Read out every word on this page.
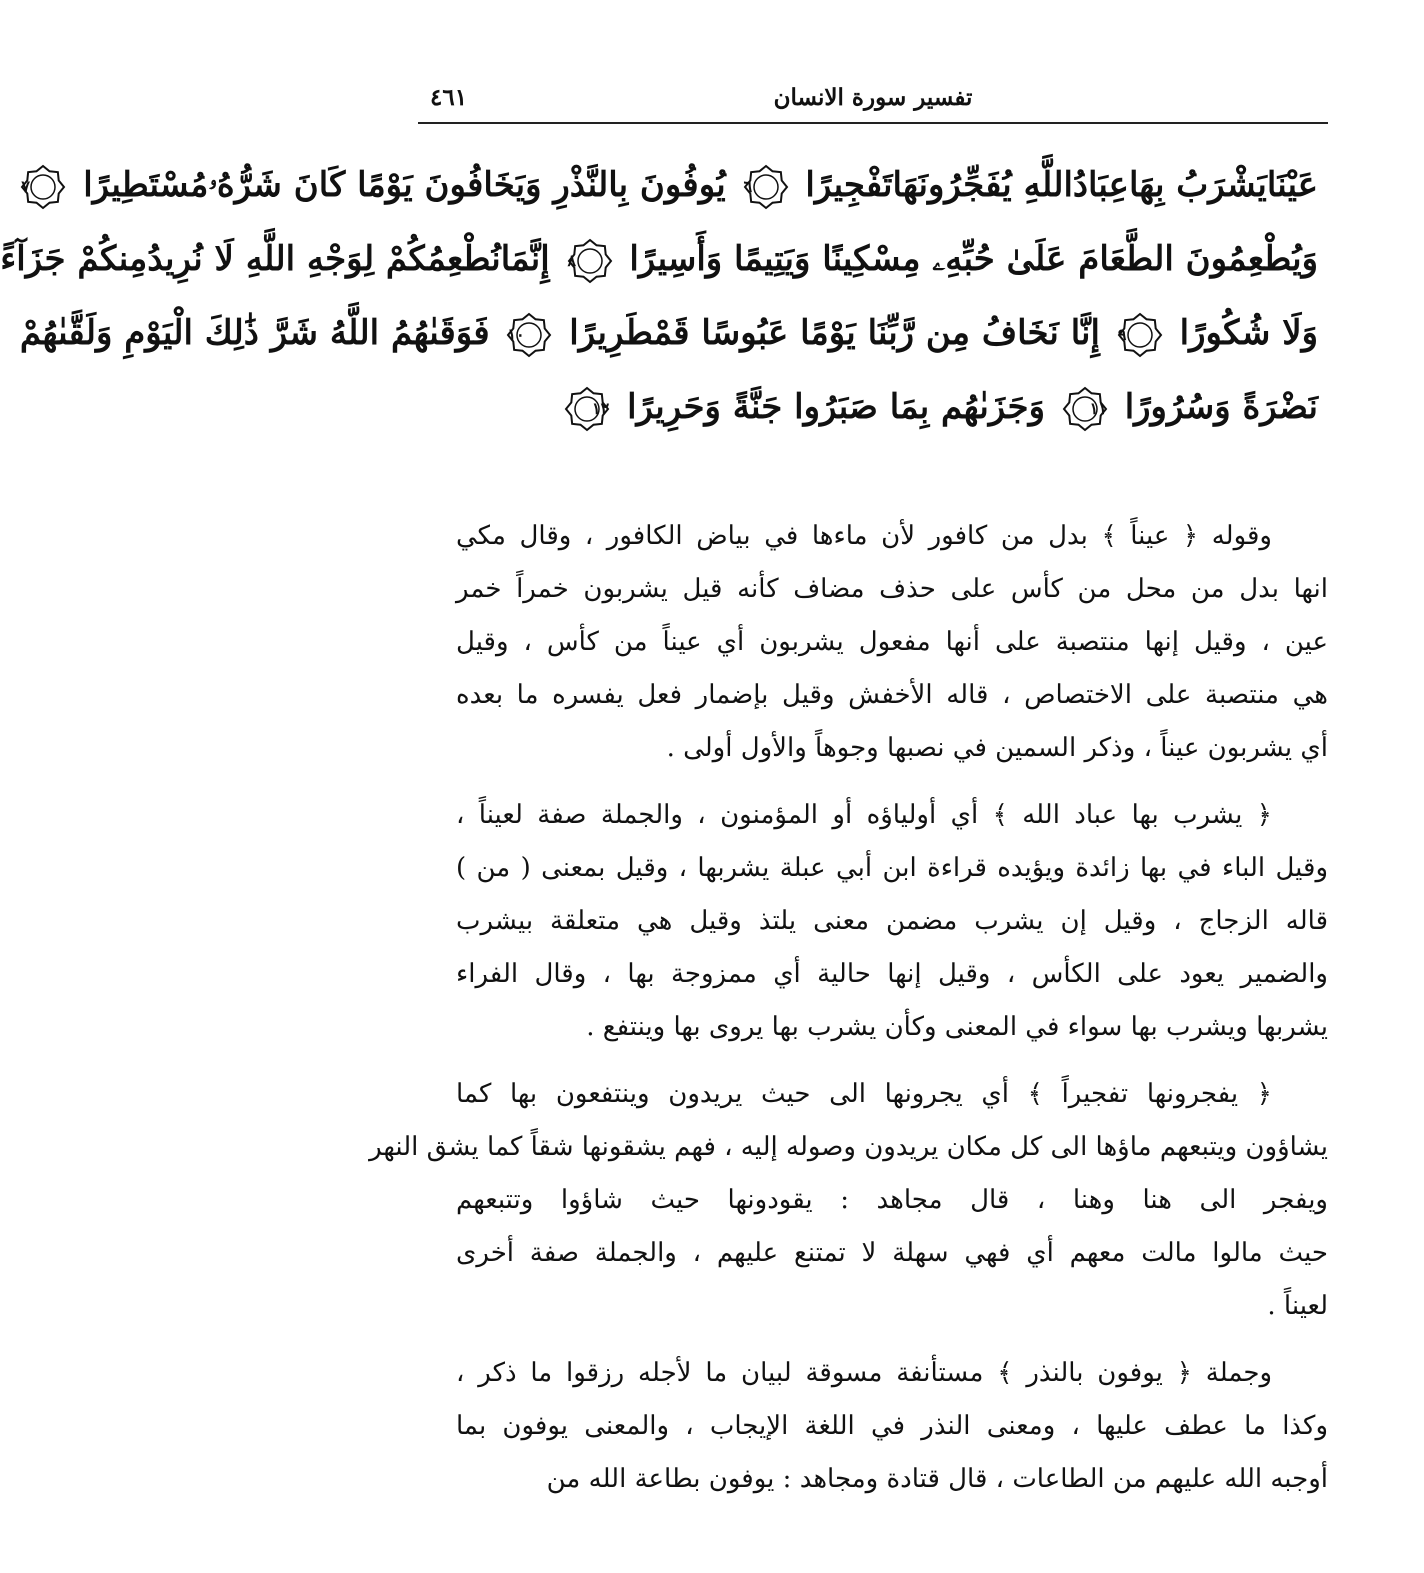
تفسير سورة الانسان
٤٦١
عَيْنَايَشْرَبُ بِهَاعِبَادُاللَّهِ يُفَجِّرُونَهَاتَفْجِيرًا
٦
يُوفُونَ بِالنَّذْرِ وَيَخَافُونَ يَوْمًا كَانَ شَرُّهُۥمُسْتَطِيرًا
٧
وَيُطْعِمُونَ الطَّعَامَ عَلَىٰ حُبِّهِۦ مِسْكِينًا وَيَتِيمًا وَأَسِيرًا
٨
إِنَّمَانُطْعِمُكُمْ لِوَجْهِ اللَّهِ لَا نُرِيدُمِنكُمْ جَزَآءً
وَلَا شُكُورًا
٩
إِنَّا نَخَافُ مِن رَّبِّنَا يَوْمًا عَبُوسًا قَمْطَرِيرًا
١٠
فَوَقَىٰهُمُ اللَّهُ شَرَّ ذَٰلِكَ الْيَوْمِ وَلَقَّىٰهُمْ
نَضْرَةً وَسُرُورًا
١١
وَجَزَىٰهُم بِمَا صَبَرُوا جَنَّةً وَحَرِيرًا
١٢
وقوله ﴿ عيناً ﴾ بدل من كافور لأن ماءها في بياض الكافور ، وقال مكي
انها بدل من محل من كأس على حذف مضاف كأنه قيل يشربون خمراً خمر
عين ، وقيل إنها منتصبة على أنها مفعول يشربون أي عيناً من كأس ، وقيل
هي منتصبة على الاختصاص ، قاله الأخفش وقيل بإضمار فعل يفسره ما بعده
أي يشربون عيناً ، وذكر السمين في نصبها وجوهاً والأول أولى .
﴿ يشرب بها عباد الله ﴾ أي أولياؤه أو المؤمنون ، والجملة صفة لعيناً ،
وقيل الباء في بها زائدة ويؤيده قراءة ابن أبي عبلة يشربها ، وقيل بمعنى ( من )
قاله الزجاج ، وقيل إن يشرب مضمن معنى يلتذ وقيل هي متعلقة بيشرب
والضمير يعود على الكأس ، وقيل إنها حالية أي ممزوجة بها ، وقال الفراء
يشربها ويشرب بها سواء في المعنى وكأن يشرب بها يروى بها وينتفع .
﴿ يفجرونها تفجيراً ﴾ أي يجرونها الى حيث يريدون وينتفعون بها كما
يشاؤون ويتبعهم ماؤها الى كل مكان يريدون وصوله إليه ، فهم يشقونها شقاً كما يشق النهر
ويفجر الى هنا وهنا ، قال مجاهد : يقودونها حيث شاؤوا وتتبعهم
حيث مالوا مالت معهم أي فهي سهلة لا تمتنع عليهم ، والجملة صفة أخرى
لعيناً .
وجملة ﴿ يوفون بالنذر ﴾ مستأنفة مسوقة لبيان ما لأجله رزقوا ما ذكر ،
وكذا ما عطف عليها ، ومعنى النذر في اللغة الإيجاب ، والمعنى يوفون بما
أوجبه الله عليهم من الطاعات ، قال قتادة ومجاهد : يوفون بطاعة الله من
